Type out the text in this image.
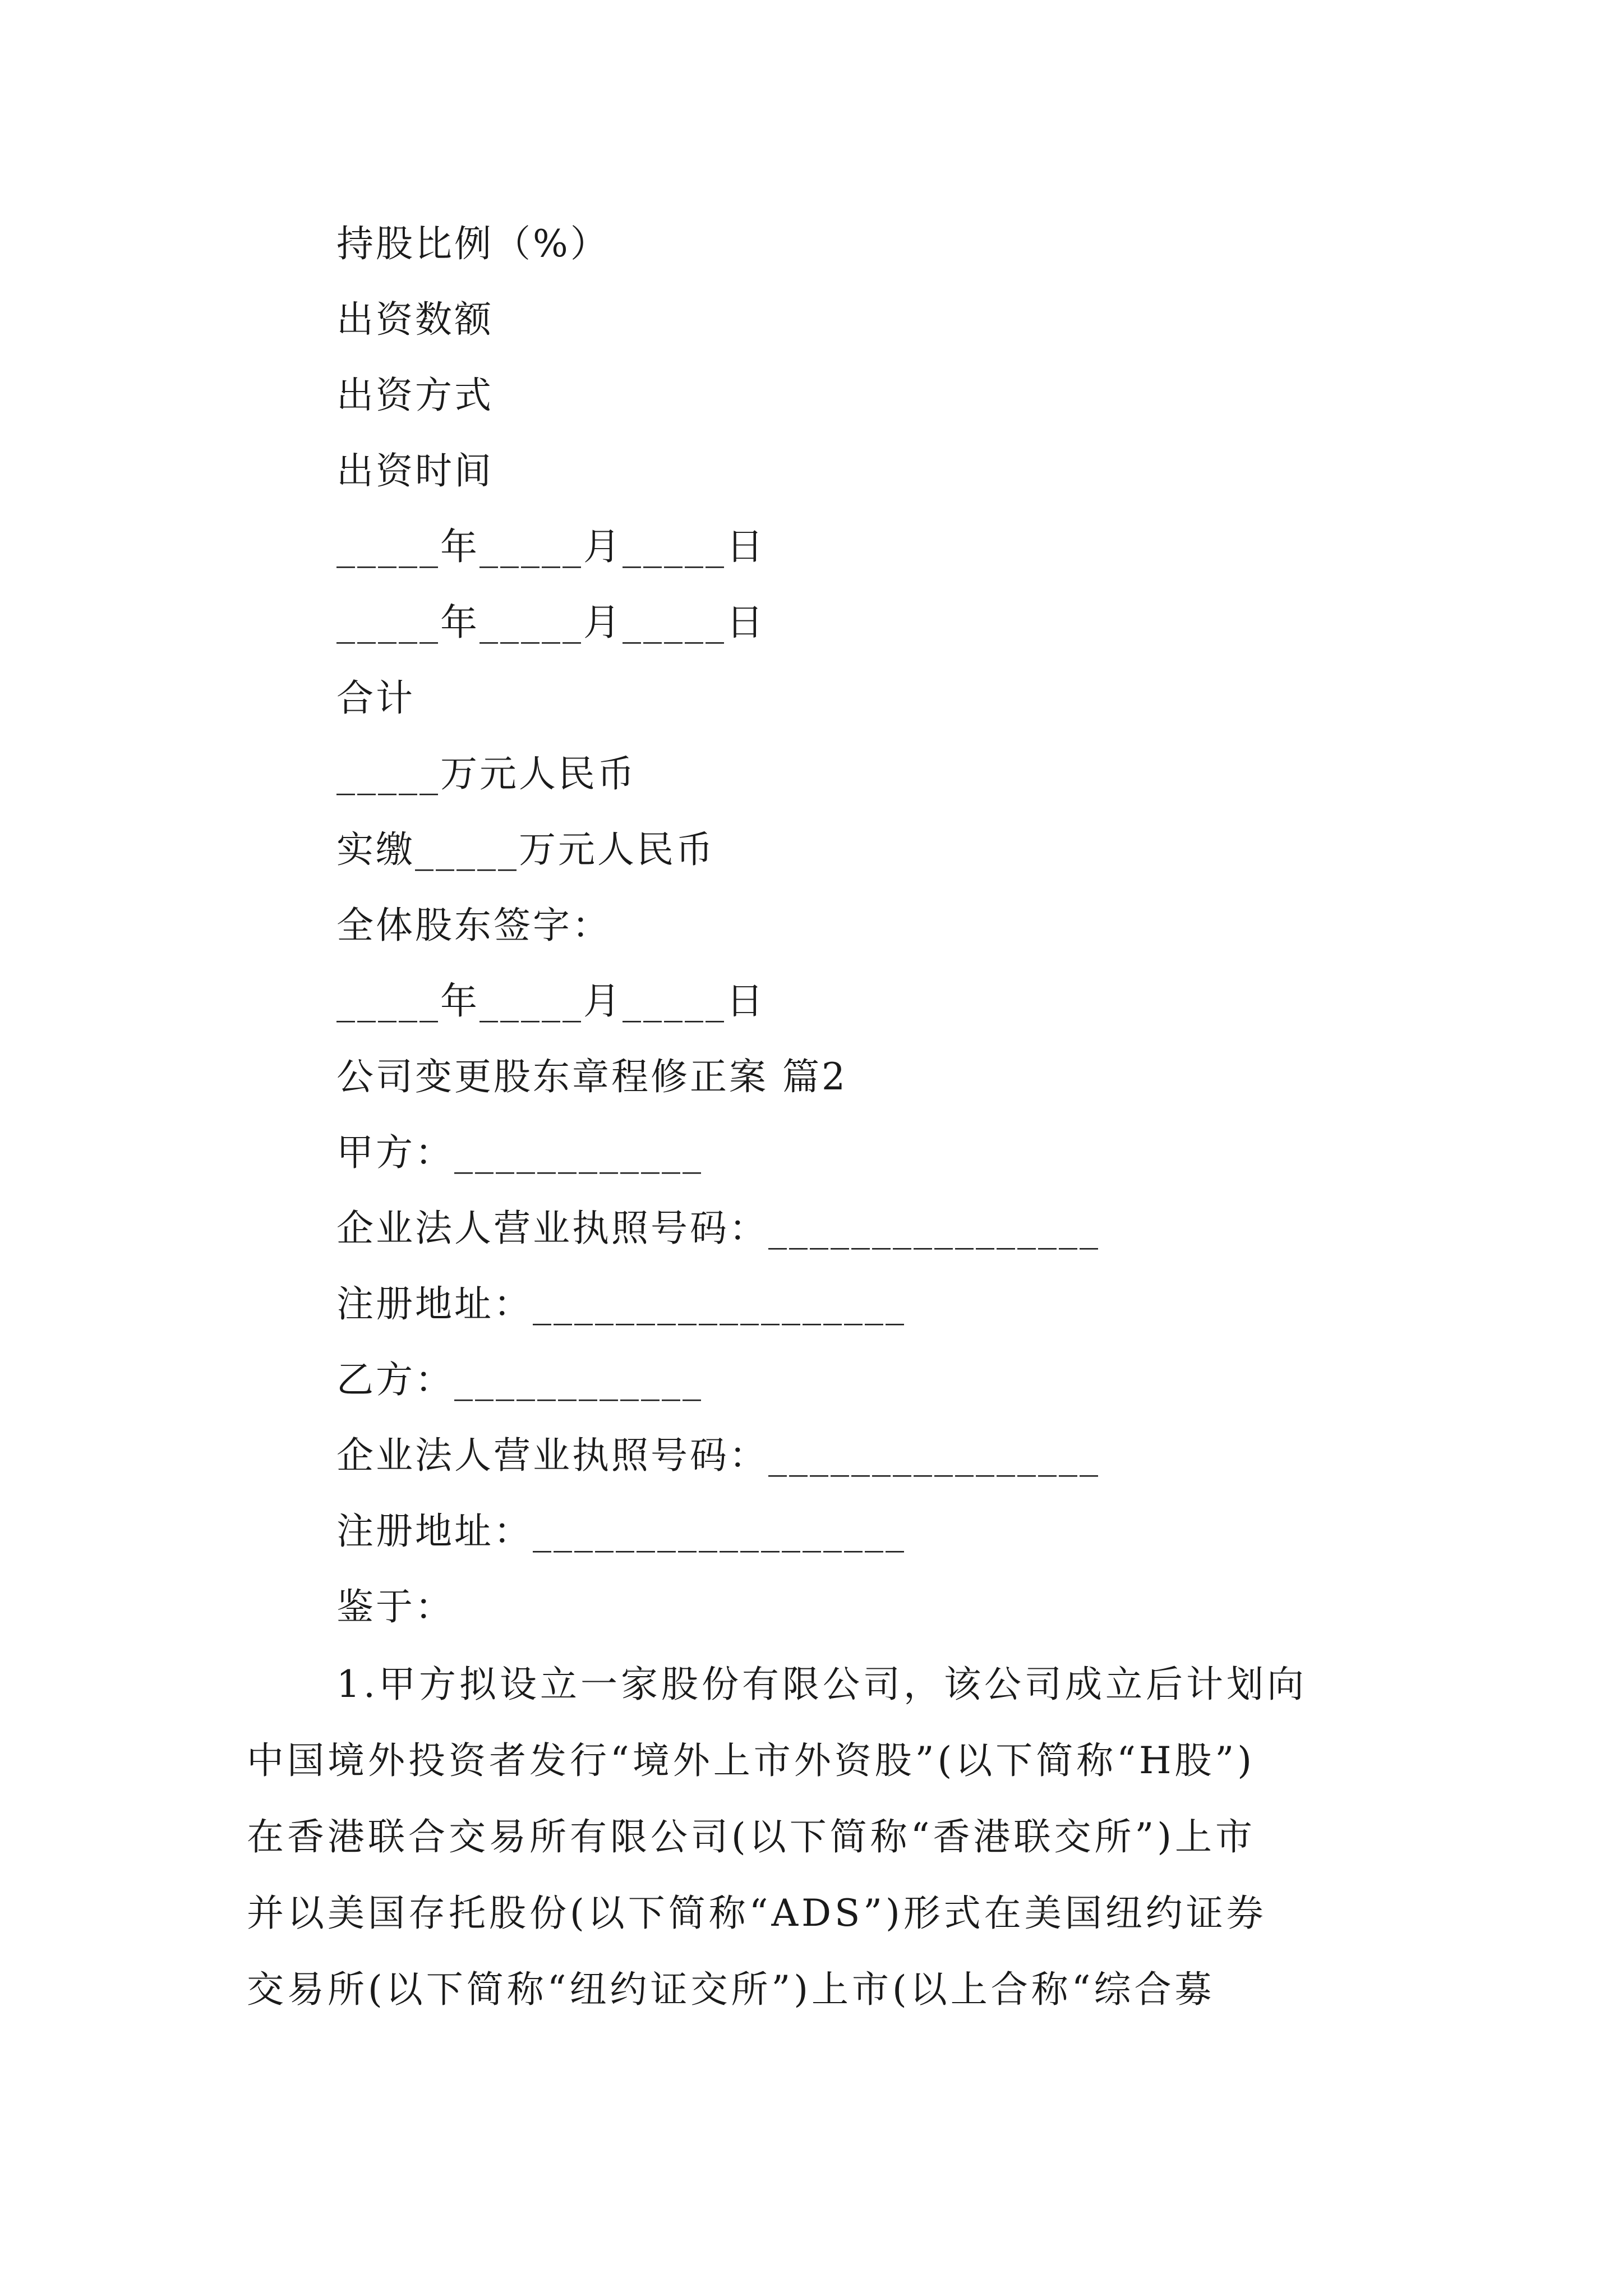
持股比例（%）
出资数额
出资方式
出资时间
_____年_____月_____日
_____年_____月_____日
合计
_____万元人民币
实缴_____万元人民币
全体股东签字：
_____年_____月_____日
公司变更股东章程修正案 篇2
甲方：____________
企业法人营业执照号码：________________
注册地址：__________________
乙方：____________
企业法人营业执照号码：________________
注册地址：__________________
鉴于：
1.甲方拟设立一家股份有限公司，该公司成立后计划向
中国境外投资者发行“境外上市外资股”(以下简称“H股”)
在香港联合交易所有限公司(以下简称“香港联交所”)上市
并以美国存托股份(以下简称“ADS”)形式在美国纽约证券
交易所(以下简称“纽约证交所”)上市(以上合称“综合募
